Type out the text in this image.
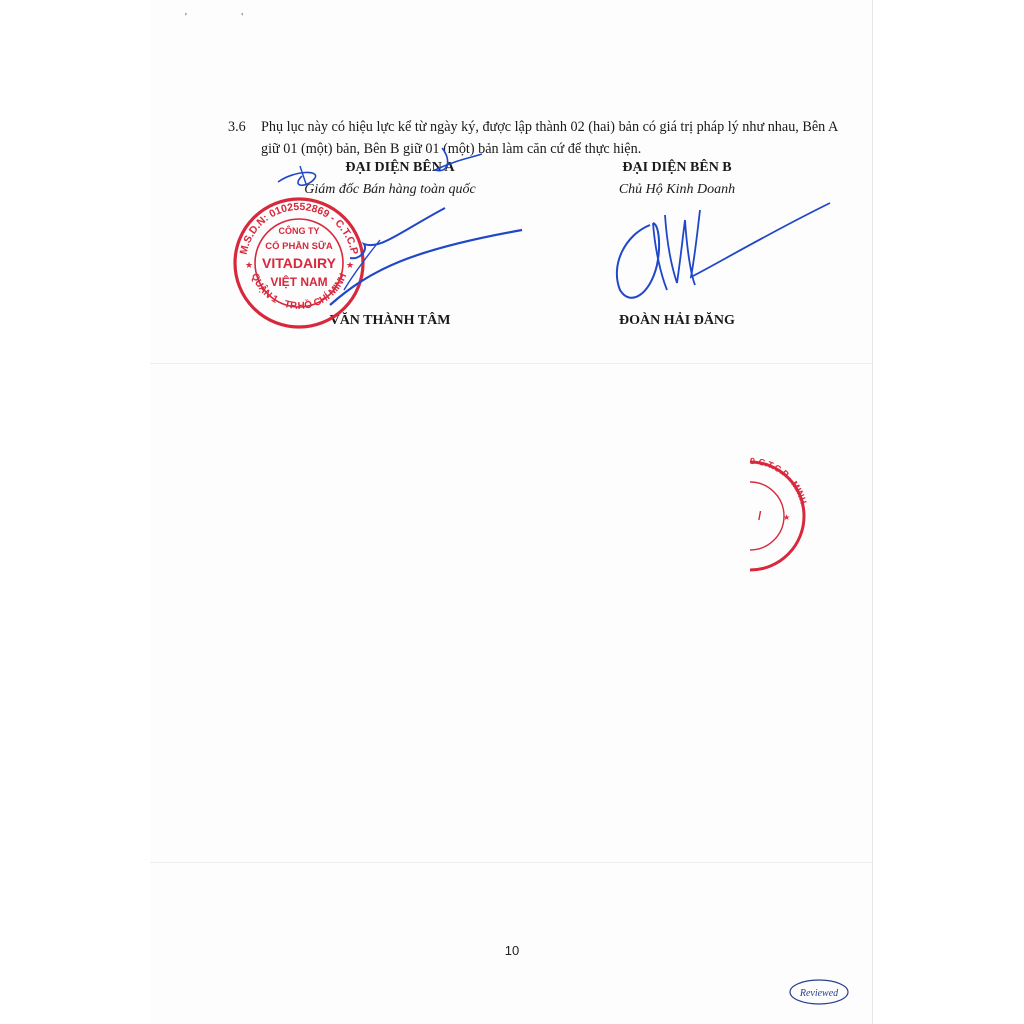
' '
3.6 Phụ lục này có hiệu lực kể từ ngày ký, được lập thành 02 (hai) bản có giá trị pháp lý như nhau, Bên A giữ 01 (một) bản, Bên B giữ 01 (một) bản làm căn cứ để thực hiện.
ĐẠI DIỆN BÊN A
Giám đốc Bán hàng toàn quốc
VĂN THÀNH TÂM
ĐẠI DIỆN BÊN B
Chủ Hộ Kinh Doanh
ĐOÀN HẢI ĐĂNG
M.S.D.N: 0102552869 - C.T.C.P
QUẬN 1 - TP.HỒ CHÍ MINH
★	★
CÔNG TY
CỔ PHẦN SỮA
VITADAIRY
VIỆT NAM
★
/
9-C.T.C.P · MINH
10
Reviewed
